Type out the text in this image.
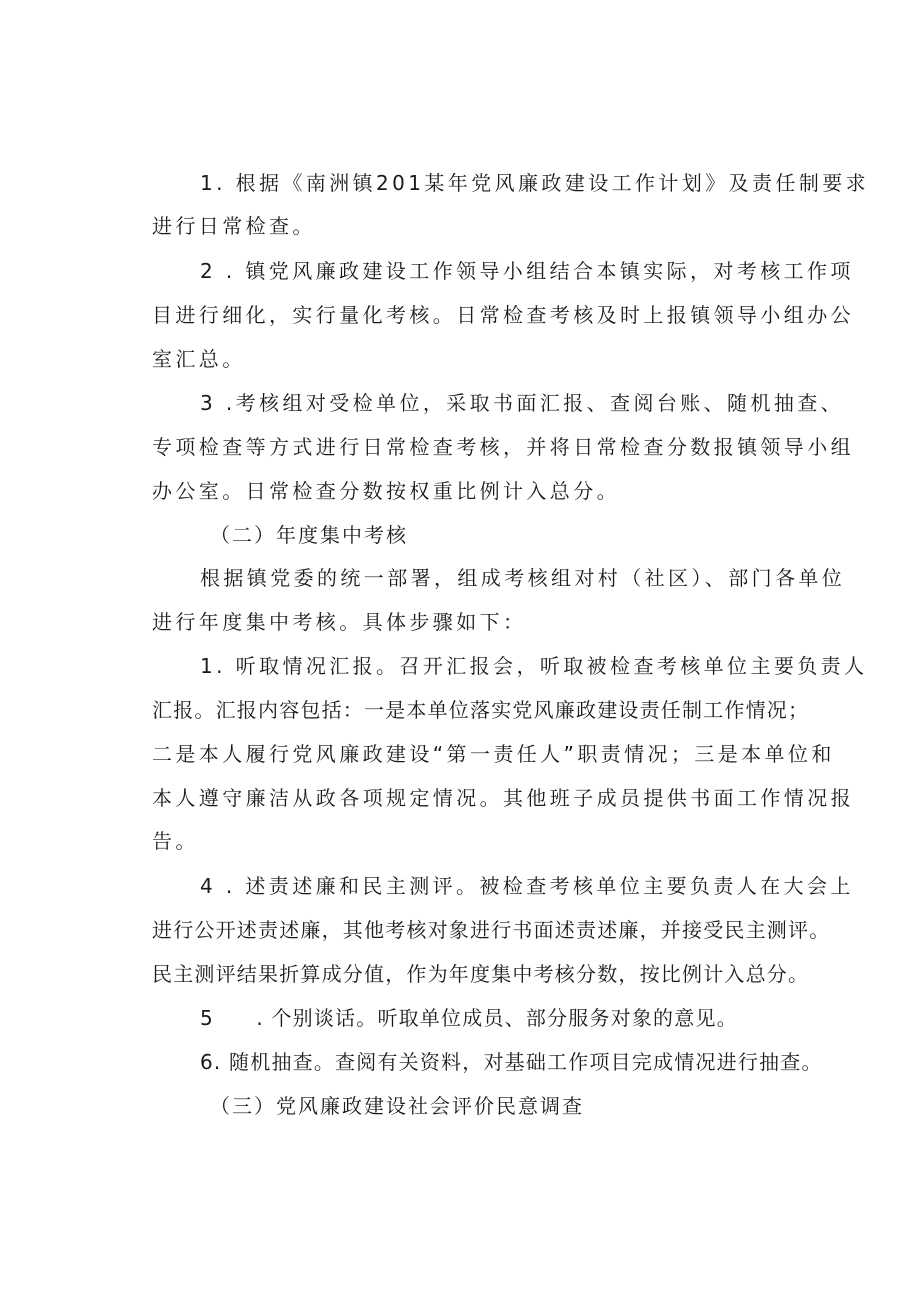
1. 根据《南洲镇201某年党风廉政建设工作计划》及责任制要求
进行日常检查。
2 . 镇党风廉政建设工作领导小组结合本镇实际，对考核工作项
目进行细化，实行量化考核。日常检查考核及时上报镇领导小组办公
室汇总。
3 .考核组对受检单位，采取书面汇报、查阅台账、随机抽查、
专项检查等方式进行日常检查考核，并将日常检查分数报镇领导小组
办公室。日常检查分数按权重比例计入总分。
（二）年度集中考核
根据镇党委的统一部署，组成考核组对村（社区）、部门各单位
进行年度集中考核。具体步骤如下：
1. 听取情况汇报。召开汇报会，听取被检查考核单位主要负责人
汇报。汇报内容包括：一是本单位落实党风廉政建设责任制工作情况；
二是本人履行党风廉政建设“第一责任人”职责情况；三是本单位和
本人遵守廉洁从政各项规定情况。其他班子成员提供书面工作情况报
告。
4 . 述责述廉和民主测评。被检查考核单位主要负责人在大会上
进行公开述责述廉，其他考核对象进行书面述责述廉，并接受民主测评。
民主测评结果折算成分值，作为年度集中考核分数，按比例计入总分。
5　　. 个别谈话。听取单位成员、部分服务对象的意见。
6. 随机抽查。查阅有关资料，对基础工作项目完成情况进行抽查。
（三）党风廉政建设社会评价民意调查
